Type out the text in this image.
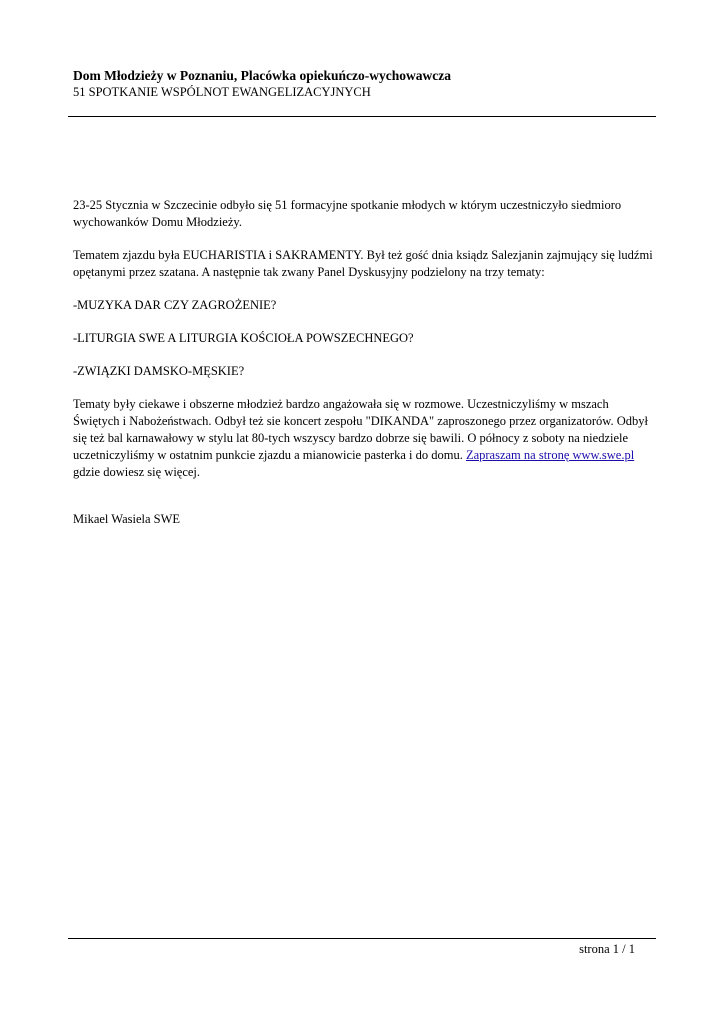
Dom Młodzieży w Poznaniu, Placówka opiekuńczo-wychowawcza

51 SPOTKANIE WSPÓLNOT EWANGELIZACYJNYCH

23-25 Stycznia w Szczecinie odbyło się 51 formacyjne spotkanie młodych w którym uczestniczyło siedmioro wychowanków Domu Młodzieży.

Tematem zjazdu była EUCHARISTIA i SAKRAMENTY. Był też gość dnia ksiądz Salezjanin zajmujący się ludźmi opętanymi przez szatana. A następnie tak zwany Panel Dyskusyjny podzielony na trzy tematy:

-MUZYKA DAR CZY ZAGROŻENIE?

-LITURGIA SWE A LITURGIA KOŚCIOŁA POWSZECHNEGO?

-ZWIĄZKI DAMSKO-MĘSKIE?

Tematy były ciekawe i obszerne młodzież bardzo angażowała się w rozmowe. Uczestniczyliśmy w mszach Świętych i Nabożeństwach. Odbył też sie koncert zespołu "DIKANDA" zaproszonego przez organizatorów. Odbył się też bal karnawałowy w stylu lat 80-tych wszyscy bardzo dobrze się bawili. O północy z soboty na niedziele uczetniczyliśmy w ostatnim punkcie zjazdu a mianowicie pasterka i do domu. Zapraszam na stronę www.swe.pl gdzie dowiesz się więcej.

Mikael Wasiela SWE

strona 1 / 1
